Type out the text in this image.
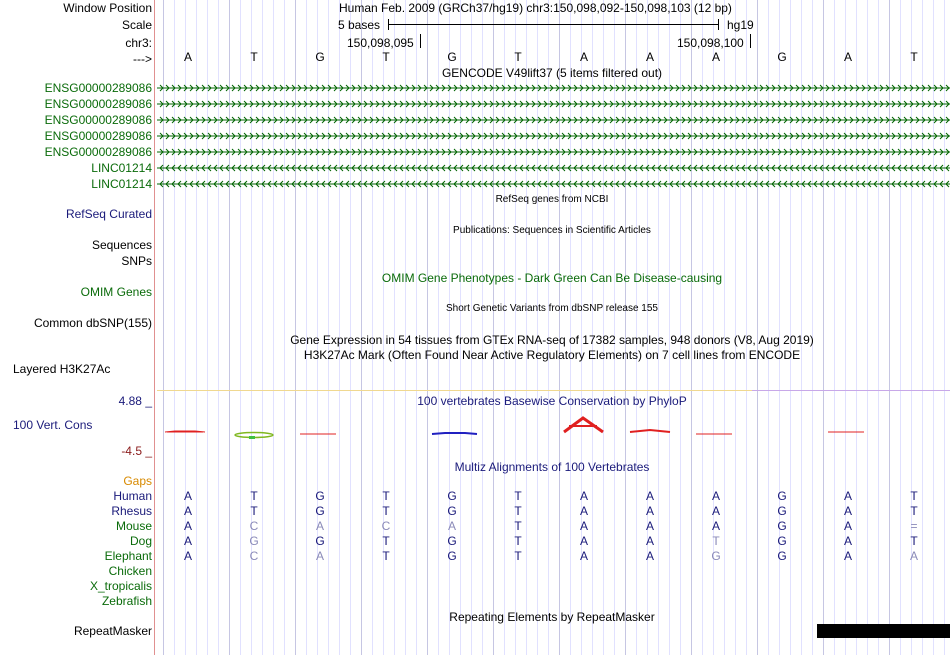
Window Position
Scale
chr3:
--->
Human Feb. 2009 (GRCh37/hg19) chr3:150,098,092-150,098,103 (12 bp)
5 bases	hg19
150,098,095	150,098,100
A	T	G	T	G	T	A	A	A	G	A	T
GENCODE V49lift37 (5 items filtered out)
ENSG00000289086
ENSG00000289086
ENSG00000289086
ENSG00000289086
ENSG00000289086
LINC01214
LINC01214
RefSeq Curated
RefSeq genes from NCBI
Publications: Sequences in Scientific Articles
Sequences
SNPs
OMIM Gene Phenotypes - Dark Green Can Be Disease-causing
OMIM Genes
Short Genetic Variants from dbSNP release 155
Common dbSNP(155)
Gene Expression in 54 tissues from GTEx RNA-seq of 17382 samples, 948 donors (V8, Aug 2019)
H3K27Ac Mark (Often Found Near Active Regulatory Elements) on 7 cell lines from ENCODE
Layered H3K27Ac
100 vertebrates Basewise Conservation by PhyloP
4.88 _
100 Vert. Cons
-4.5 _
Multiz Alignments of 100 Vertebrates
Gaps
Human	A	T	G	T	G	T	A	A	A	G	A	T
Rhesus	A	T	G	T	G	T	A	A	A	G	A	T
Mouse	A	C	A	C	A	T	A	A	A	G	A	=
Dog	A	G	G	T	G	T	A	A	T	G	A	T
Elephant	A	C	A	T	G	T	A	A	G	G	A	A
Chicken
X_tropicalis
Zebrafish
Repeating Elements by RepeatMasker
RepeatMasker
